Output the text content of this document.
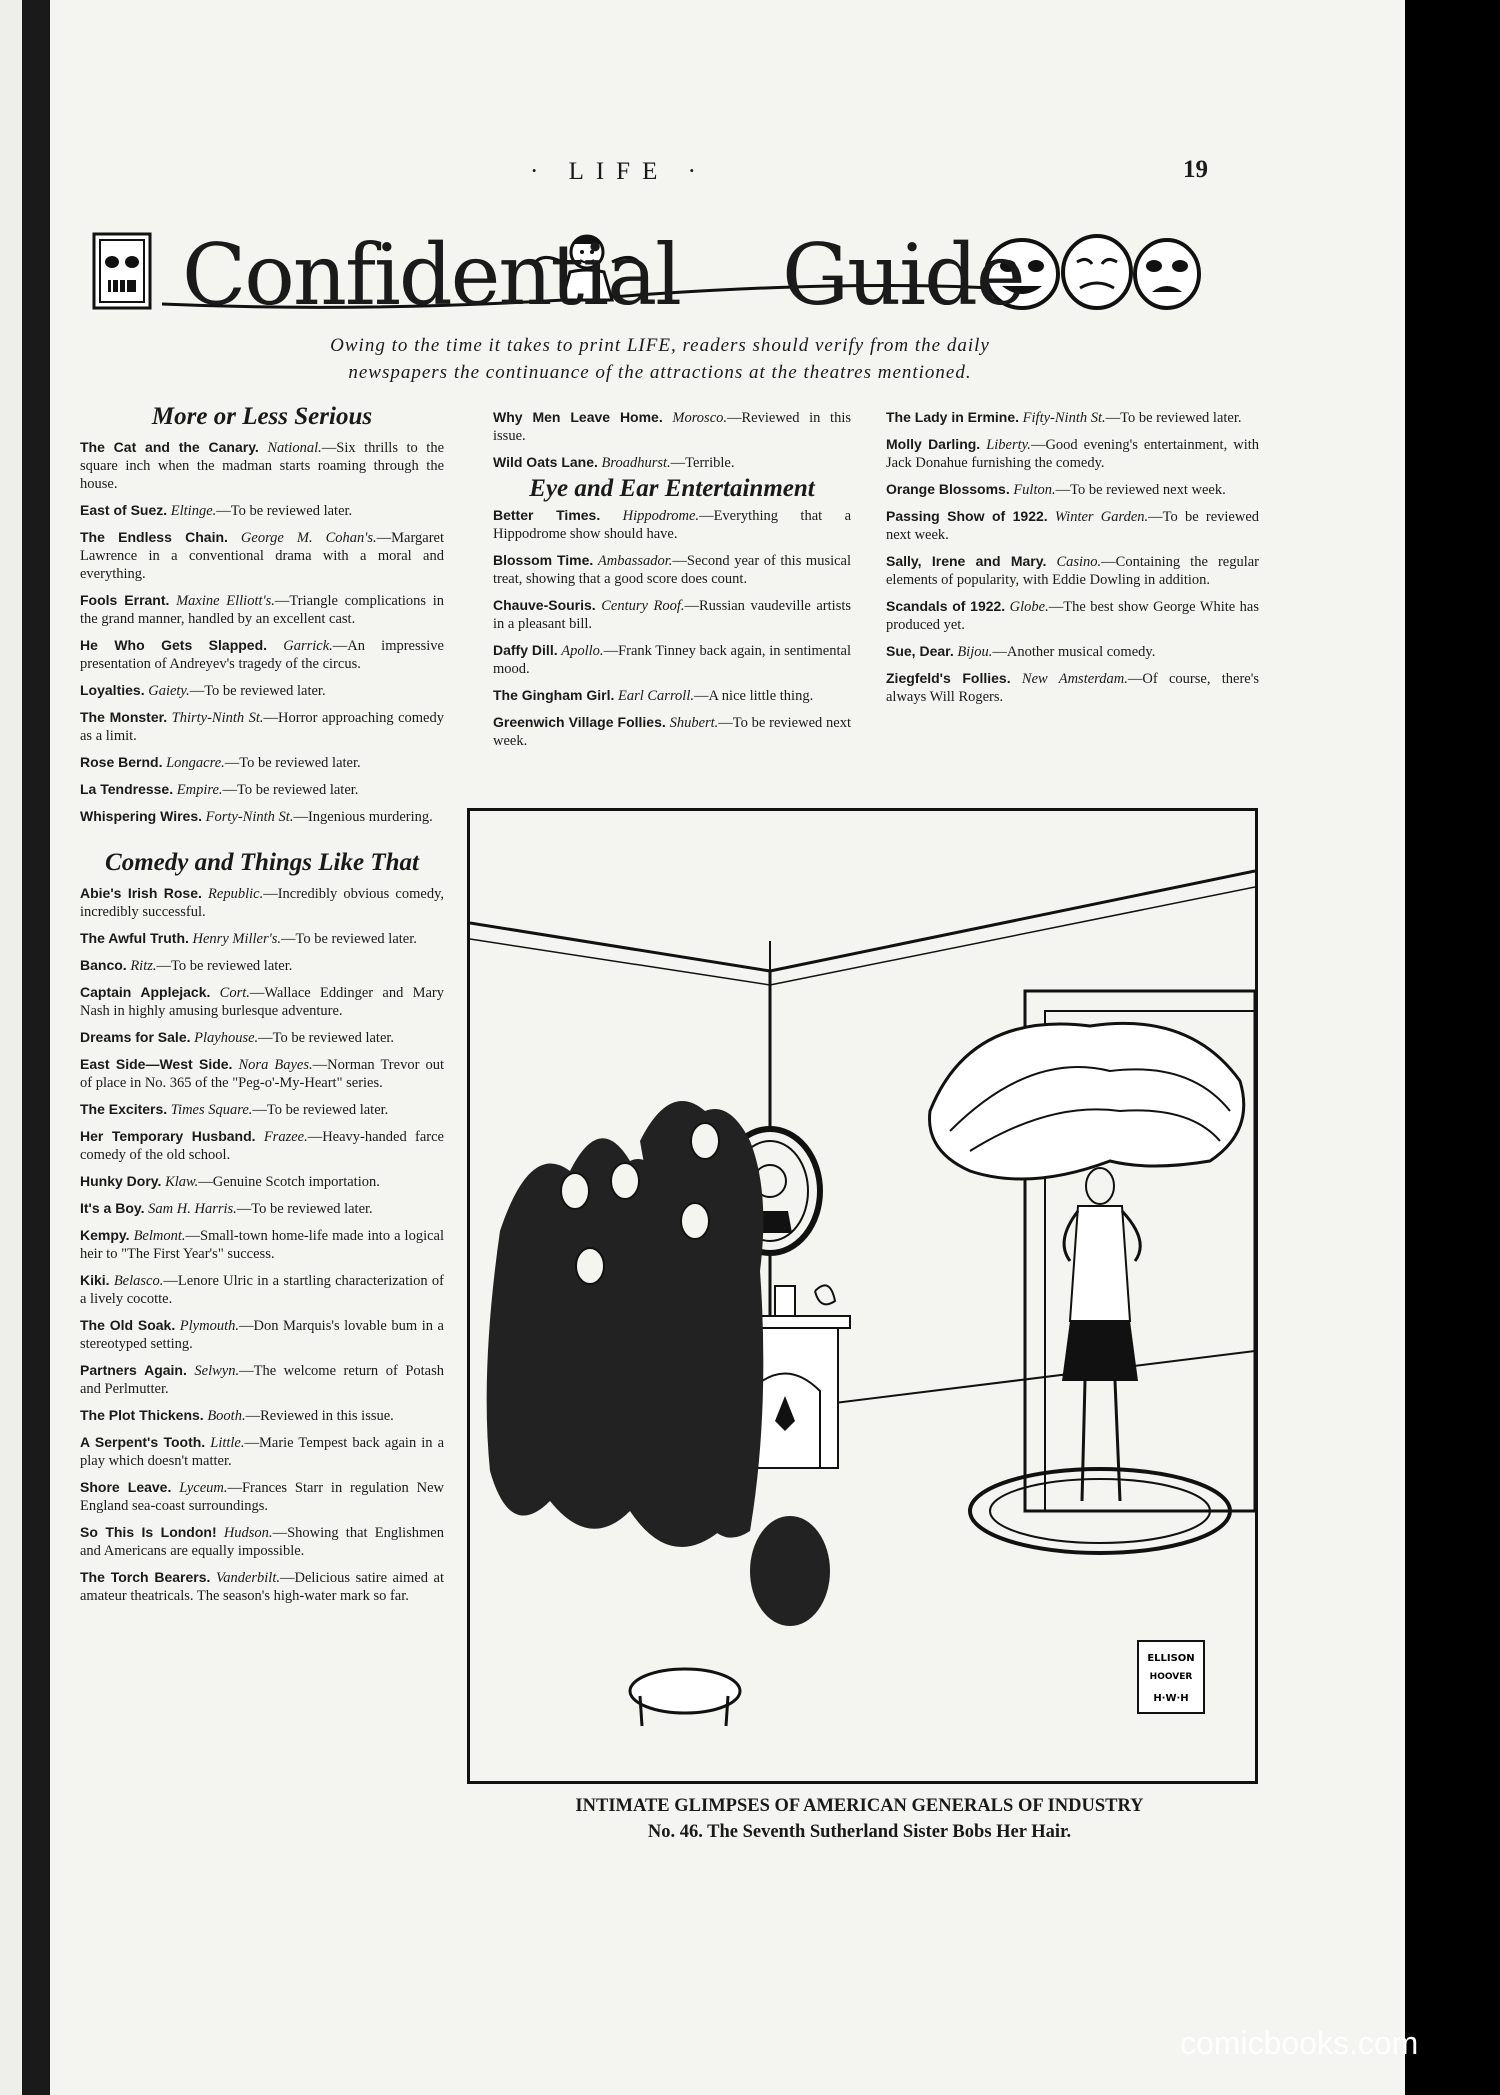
· LIFE ·	19
Confidential Guide
Owing to the time it takes to print LIFE, readers should verify from the daily
newspapers the continuance of the attractions at the theatres mentioned.
More or Less Serious

The Cat and the Canary. National.—Six thrills to the square inch when the madman starts roaming through the house.

East of Suez. Eltinge.—To be reviewed later.

The Endless Chain. George M. Cohan's.—Margaret Lawrence in a conventional drama with a moral and everything.

Fools Errant. Maxine Elliott's.—Triangle complications in the grand manner, handled by an excellent cast.

He Who Gets Slapped. Garrick.—An impressive presentation of Andreyev's tragedy of the circus.

Loyalties. Gaiety.—To be reviewed later.

The Monster. Thirty-Ninth St.—Horror approaching comedy as a limit.

Rose Bernd. Longacre.—To be reviewed later.

La Tendresse. Empire.—To be reviewed later.

Whispering Wires. Forty-Ninth St.—Ingenious murdering.

Comedy and Things Like That

Abie's Irish Rose. Republic.—Incredibly obvious comedy, incredibly successful.

The Awful Truth. Henry Miller's.—To be reviewed later.

Banco. Ritz.—To be reviewed later.

Captain Applejack. Cort.—Wallace Eddinger and Mary Nash in highly amusing burlesque adventure.

Dreams for Sale. Playhouse.—To be reviewed later.

East Side—West Side. Nora Bayes.—Norman Trevor out of place in No. 365 of the "Peg-o'-My-Heart" series.

The Exciters. Times Square.—To be reviewed later.

Her Temporary Husband. Frazee.—Heavy-handed farce comedy of the old school.

Hunky Dory. Klaw.—Genuine Scotch importation.

It's a Boy. Sam H. Harris.—To be reviewed later.

Kempy. Belmont.—Small-town home-life made into a logical heir to "The First Year's" success.

Kiki. Belasco.—Lenore Ulric in a startling characterization of a lively cocotte.

The Old Soak. Plymouth.—Don Marquis's lovable bum in a stereotyped setting.

Partners Again. Selwyn.—The welcome return of Potash and Perlmutter.

The Plot Thickens. Booth.—Reviewed in this issue.

A Serpent's Tooth. Little.—Marie Tempest back again in a play which doesn't matter.

Shore Leave. Lyceum.—Frances Starr in regulation New England sea-coast surroundings.

So This Is London! Hudson.—Showing that Englishmen and Americans are equally impossible.

The Torch Bearers. Vanderbilt.—Delicious satire aimed at amateur theatricals. The season's high-water mark so far.

Why Men Leave Home. Morosco.—Reviewed in this issue.

Wild Oats Lane. Broadhurst.—Terrible.

Eye and Ear Entertainment

Better Times. Hippodrome.—Everything that a Hippodrome show should have.

Blossom Time. Ambassador.—Second year of this musical treat, showing that a good score does count.

Chauve-Souris. Century Roof.—Russian vaudeville artists in a pleasant bill.

Daffy Dill. Apollo.—Frank Tinney back again, in sentimental mood.

The Gingham Girl. Earl Carroll.—A nice little thing.

Greenwich Village Follies. Shubert.—To be reviewed next week.

The Lady in Ermine. Fifty-Ninth St.—To be reviewed later.

Molly Darling. Liberty.—Good evening's entertainment, with Jack Donahue furnishing the comedy.

Orange Blossoms. Fulton.—To be reviewed next week.

Passing Show of 1922. Winter Garden.—To be reviewed next week.

Sally, Irene and Mary. Casino.—Containing the regular elements of popularity, with Eddie Dowling in addition.

Scandals of 1922. Globe.—The best show George White has produced yet.

Sue, Dear. Bijou.—Another musical comedy.

Ziegfeld's Follies. New Amsterdam.—Of course, there's always Will Rogers.

ELLISON
HOOVER
H·W·H
INTIMATE GLIMPSES OF AMERICAN GENERALS OF INDUSTRY
No. 46. The Seventh Sutherland Sister Bobs Her Hair.
comicbooks.com
